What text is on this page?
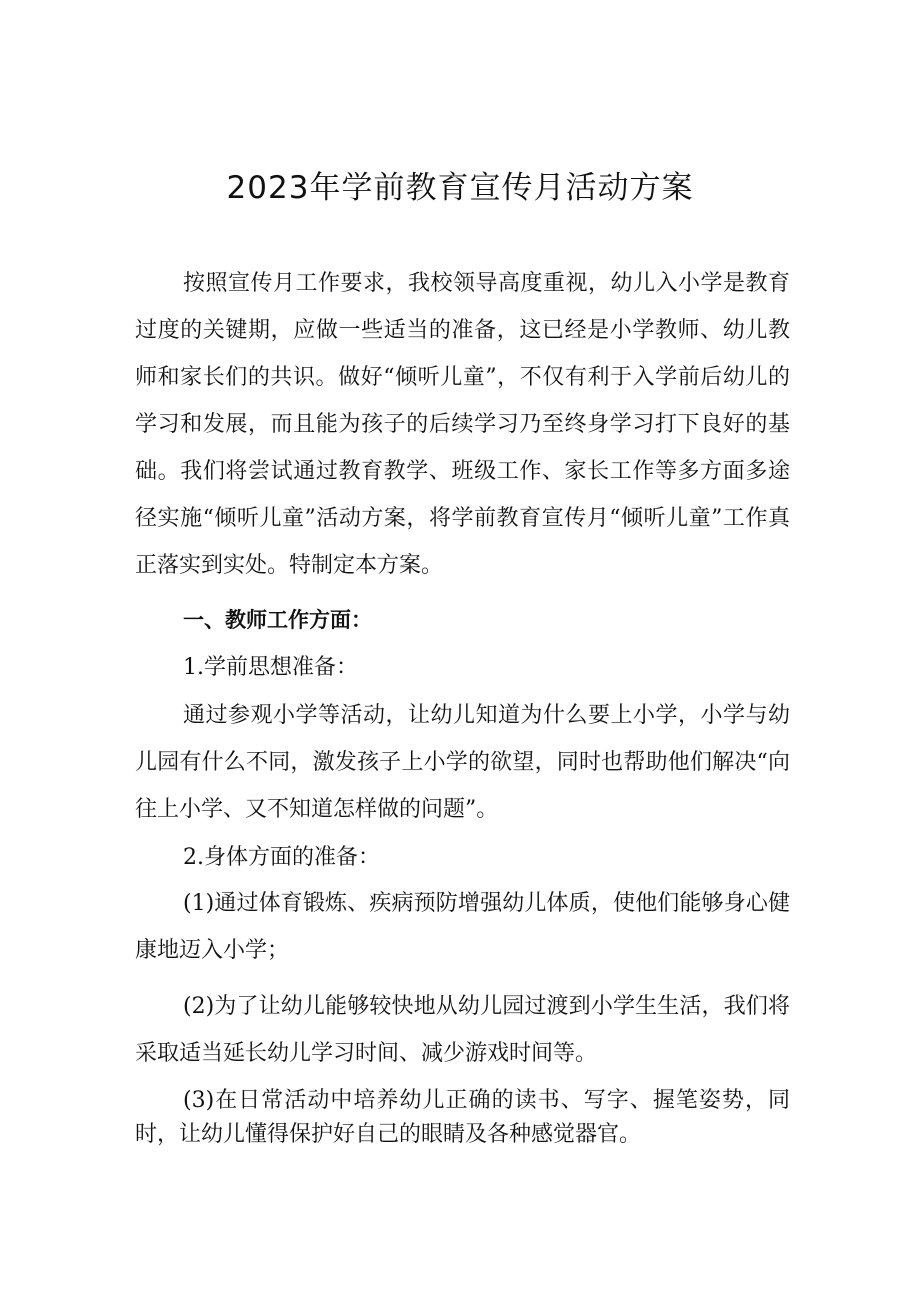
2023年学前教育宣传月活动方案

按照宣传月工作要求，我校领导高度重视，幼儿入小学是教育过度的关键期，应做一些适当的准备，这已经是小学教师、幼儿教师和家长们的共识。做好“倾听儿童”，不仅有利于入学前后幼儿的学习和发展，而且能为孩子的后续学习乃至终身学习打下良好的基础。我们将尝试通过教育教学、班级工作、家长工作等多方面多途径实施“倾听儿童”活动方案，将学前教育宣传月“倾听儿童”工作真正落实到实处。特制定本方案。

一、教师工作方面：

1.学前思想准备：

通过参观小学等活动，让幼儿知道为什么要上小学，小学与幼儿园有什么不同，激发孩子上小学的欲望，同时也帮助他们解决“向往上小学、又不知道怎样做的问题”。

2.身体方面的准备：

(1)通过体育锻炼、疾病预防增强幼儿体质，使他们能够身心健康地迈入小学；

(2)为了让幼儿能够较快地从幼儿园过渡到小学生生活，我们将采取适当延长幼儿学习时间、减少游戏时间等。

(3)在日常活动中培养幼儿正确的读书、写字、握笔姿势，同时，让幼儿懂得保护好自己的眼睛及各种感觉器官。
